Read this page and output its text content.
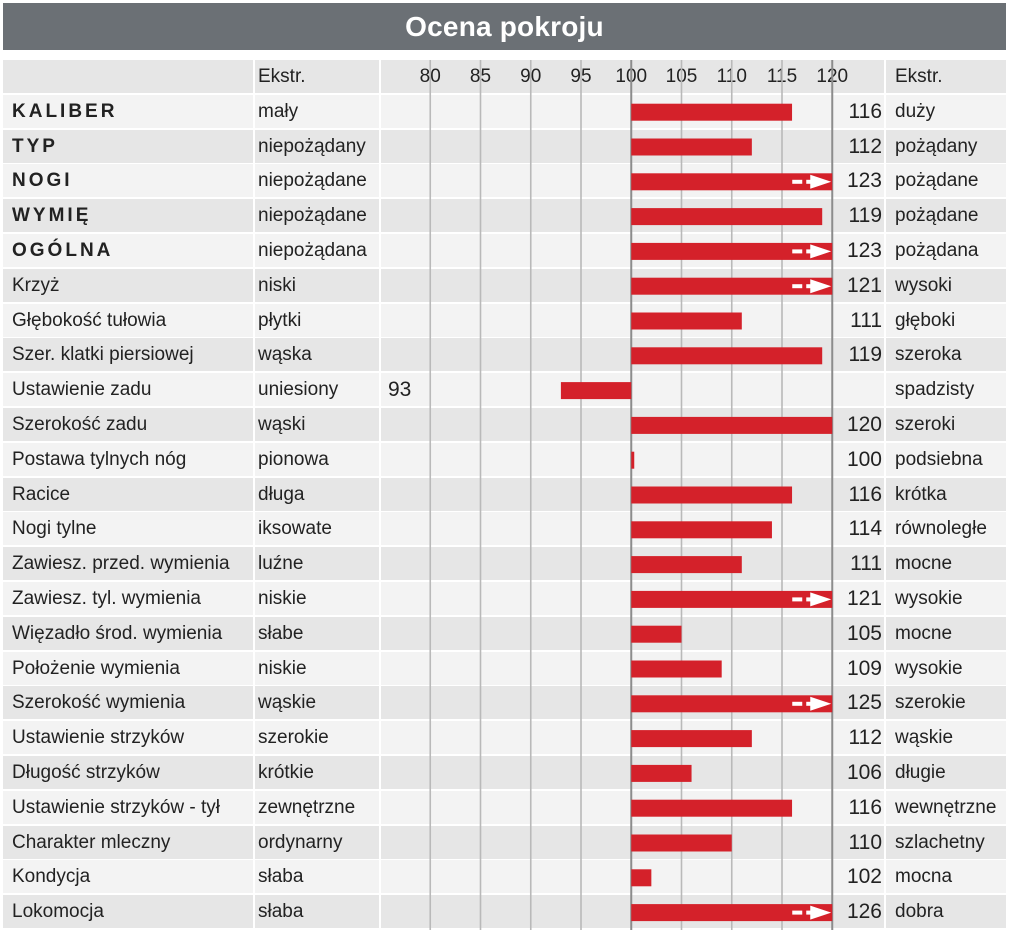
Ocena pokroju
Ekstr.	80	85	90	95	100 105 110 115 120 Ekstr.
KALIBER	mały	116 duży
TYP	niepożądany	112 pożądany
NOGI	niepożądane	123 pożądane
WYMIĘ	niepożądane	119 pożądane
OGÓLNA	niepożądana	123 pożądana
Krzyż	niski	121 wysoki
Głębokość tułowia	płytki	111 głęboki
Szer. klatki piersiowej	wąska	119 szeroka
Ustawienie zadu	uniesiony	93	spadzisty
Szerokość zadu	wąski	120 szeroki
Postawa tylnych nóg	pionowa	100 podsiebna
Racice	długa	116 krótka
Nogi tylne	iksowate	114 równoległe
Zawiesz. przed. wymienia	luźne	111 mocne
Zawiesz. tyl. wymienia	niskie	121 wysokie
Więzadło środ. wymienia	słabe	105 mocne
Położenie wymienia	niskie	109 wysokie
Szerokość wymienia	wąskie	125 szerokie
Ustawienie strzyków	szerokie	112 wąskie
Długość strzyków	krótkie	106 długie
Ustawienie strzyków - tył	zewnętrzne	116 wewnętrzne
Charakter mleczny	ordynarny	110 szlachetny
Kondycja	słaba	102 mocna
Lokomocja	słaba	126 dobra
